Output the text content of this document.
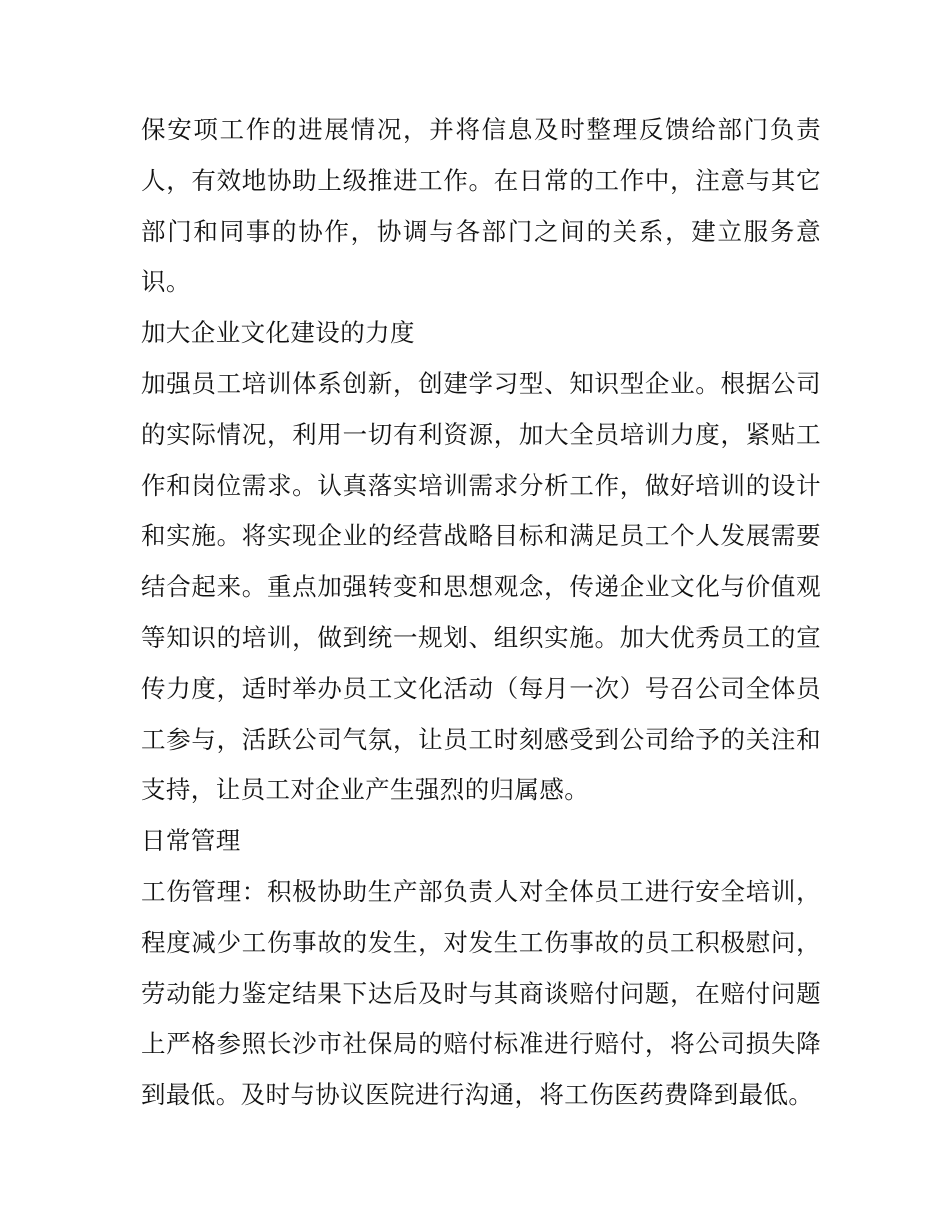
保安项工作的进展情况，并将信息及时整理反馈给部门负责人，有效地协助上级推进工作。在日常的工作中，注意与其它部门和同事的协作，协调与各部门之间的关系，建立服务意识。

加大企业文化建设的力度

加强员工培训体系创新，创建学习型、知识型企业。根据公司的实际情况，利用一切有利资源，加大全员培训力度，紧贴工作和岗位需求。认真落实培训需求分析工作，做好培训的设计和实施。将实现企业的经营战略目标和满足员工个人发展需要结合起来。重点加强转变和思想观念，传递企业文化与价值观等知识的培训，做到统一规划、组织实施。加大优秀员工的宣传力度，适时举办员工文化活动（每月一次）号召公司全体员工参与，活跃公司气氛，让员工时刻感受到公司给予的关注和支持，让员工对企业产生强烈的归属感。

日常管理

工伤管理：积极协助生产部负责人对全体员工进行安全培训，程度减少工伤事故的发生，对发生工伤事故的员工积极慰问，劳动能力鉴定结果下达后及时与其商谈赔付问题，在赔付问题上严格参照长沙市社保局的赔付标准进行赔付，将公司损失降到最低。及时与协议医院进行沟通，将工伤医药费降到最低。
